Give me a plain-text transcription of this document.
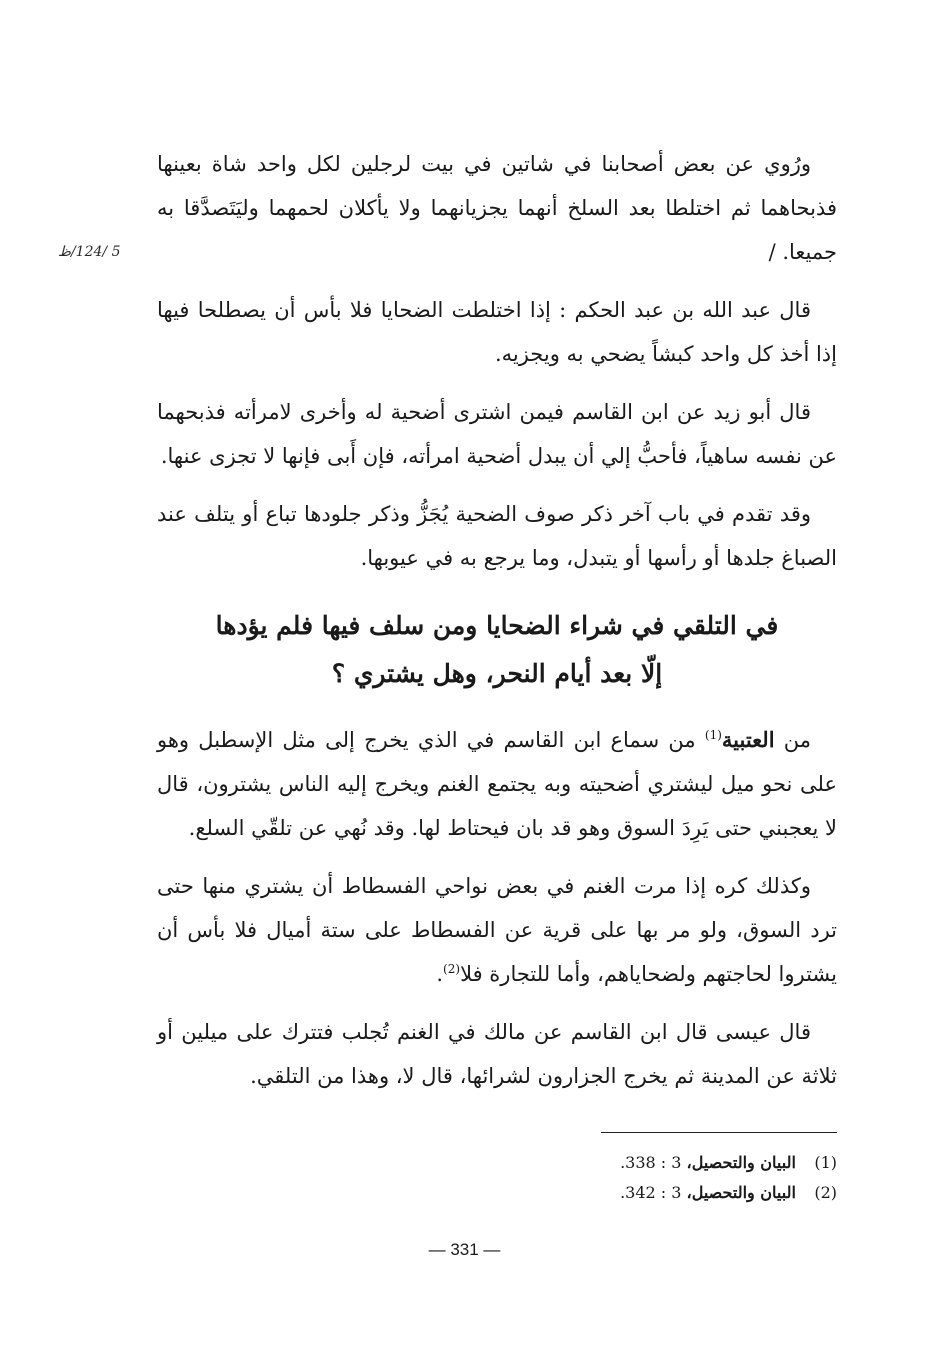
5 /124/ظ

ورُوي عن بعض أصحابنا في شاتين في بيت لرجلين لكل واحد شاة بعينها فذبحاهما ثم اختلطا بعد السلخ أنهما يجزيانهما ولا يأكلان لحمهما وليَتَصدَّقا به جميعا. /

قال عبد الله بن عبد الحكم : إذا اختلطت الضحايا فلا بأس أن يصطلحا فيها إذا أخذ كل واحد كبشاً يضحي به ويجزيه.

قال أبو زيد عن ابن القاسم فيمن اشترى أضحية له وأخرى لامرأته فذبحهما عن نفسه ساهياً، فأحبُّ إلي أن يبدل أضحية امرأته، فإن أَبى فإنها لا تجزى عنها.

وقد تقدم في باب آخر ذكر صوف الضحية يُجَزُّ وذكر جلودها تباع أو يتلف عند الصباغ جلدها أو رأسها أو يتبدل، وما يرجع به في عيوبها.

في التلقي في شراء الضحايا ومن سلف فيها فلم يؤدها
إلّا بعد أيام النحر، وهل يشتري ؟

من العتبية$^{(1)}$ من سماع ابن القاسم في الذي يخرج إلى مثل الإسطبل وهو على نحو ميل ليشتري أضحيته وبه يجتمع الغنم ويخرج إليه الناس يشترون، قال لا يعجبني حتى يَرِدَ السوق وهو قد بان فيحتاط لها. وقد نُهي عن تلقّي السلع.

وكذلك كره إذا مرت الغنم في بعض نواحي الفسطاط أن يشتري منها حتى ترد السوق، ولو مر بها على قرية عن الفسطاط على ستة أميال فلا بأس أن يشتروا لحاجتهم ولضحاياهم، وأما للتجارة فلا$^{(2)}$.

قال عيسى قال ابن القاسم عن مالك في الغنم تُجلب فتترك على ميلين أو ثلاثة عن المدينة ثم يخرج الجزارون لشرائها، قال لا، وهذا من التلقي.

(1) البيان والتحصيل، 3 : 338.
(2) البيان والتحصيل، 3 : 342.
— 331 —
